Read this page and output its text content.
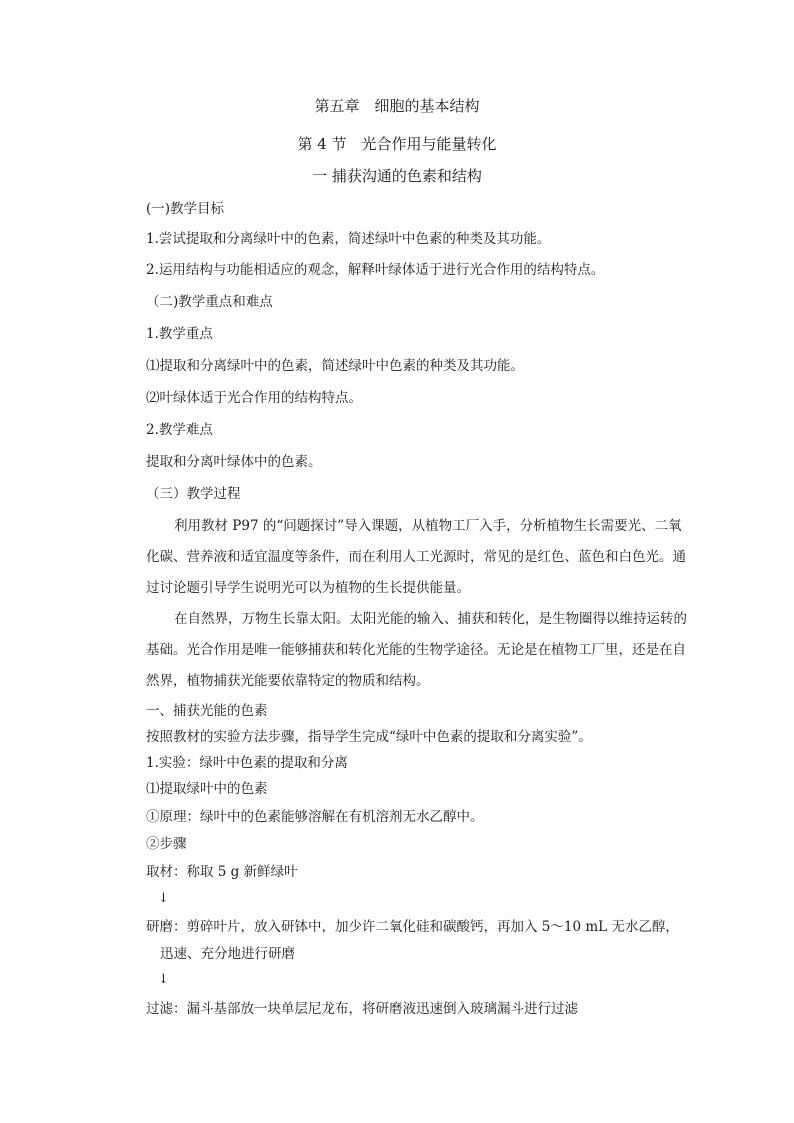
第五章　细胞的基本结构
第 4 节　光合作用与能量转化
一 捕获沟通的色素和结构
(一)教学目标
1.尝试提取和分离绿叶中的色素，简述绿叶中色素的种类及其功能。
2.运用结构与功能相适应的观念，解释叶绿体适于进行光合作用的结构特点。
（二)教学重点和难点
1.教学重点
⑴提取和分离绿叶中的色素，简述绿叶中色素的种类及其功能。
⑵叶绿体适于光合作用的结构特点。
2.教学难点
提取和分离叶绿体中的色素。
（三）教学过程
利用教材 P97 的“问题探讨”导入课题，从植物工厂入手，分析植物生长需要光、二氧
化碳、营养液和适宜温度等条件，而在利用人工光源时，常见的是红色、蓝色和白色光。通
过讨论题引导学生说明光可以为植物的生长提供能量。
在自然界，万物生长靠太阳。太阳光能的输入、捕获和转化，是生物圈得以维持运转的
基础。光合作用是唯一能够捕获和转化光能的生物学途径。无论是在植物工厂里，还是在自
然界，植物捕获光能要依靠特定的物质和结构。
一、捕获光能的色素
按照教材的实验方法步骤，指导学生完成“绿叶中色素的提取和分离实验”。
1.实验：绿叶中色素的提取和分离
⑴提取绿叶中的色素
①原理：绿叶中的色素能够溶解在有机溶剂无水乙醇中。
②步骤
取材：称取 5 g 新鲜绿叶
↓
研磨：剪碎叶片，放入研钵中，加少许二氧化硅和碳酸钙，再加入 5～10 mL 无水乙醇，
迅速、充分地进行研磨
↓
过滤：漏斗基部放一块单层尼龙布，将研磨液迅速倒入玻璃漏斗进行过滤
